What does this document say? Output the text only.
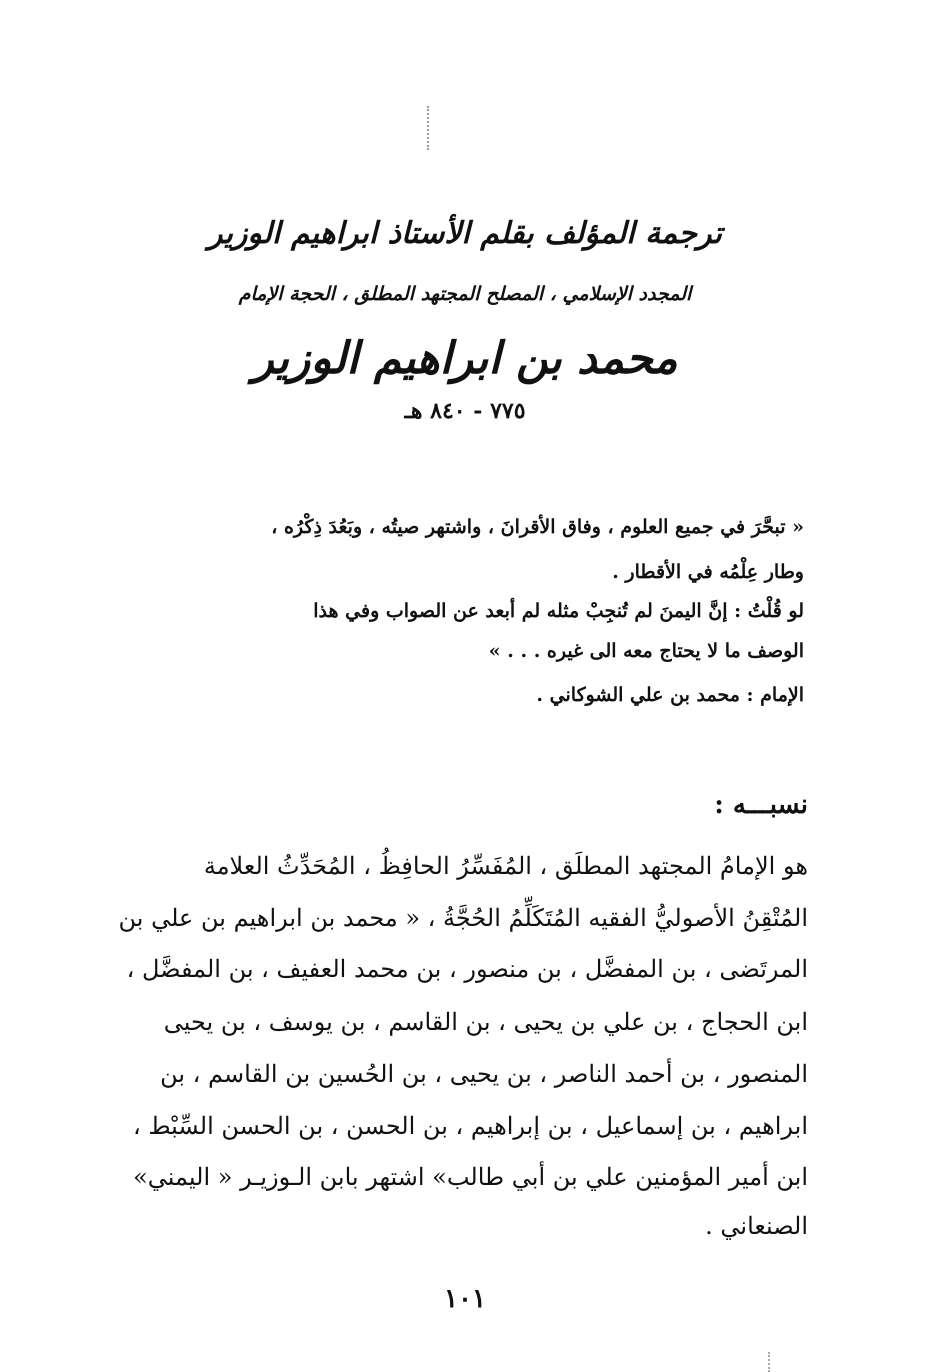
ترجمة المؤلف بقلم الأستاذ ابراهيم الوزير
المجدد الإسلامي ، المصلح المجتهد المطلق ، الحجة الإمام
محمد بن ابراهيم الوزير
٧٧٥ - ٨٤٠ هـ
« تبحَّرَ في جميع العلوم ، وفاق الأقرانَ ، واشتهر صيتُه ، وبَعُدَ ذِكْرُه ،
وطار عِلْمُه في الأقطار .
لو قُلْتُ : إنَّ اليمنَ لم تُنجِبْ مثله لم أبعد عن الصواب وفي هذا
الوصف ما لا يحتاج معه الى غيره . . . »
الإمام : محمد بن علي الشوكاني .
نسبـــه :
هو الإمامُ المجتهد المطلَق ، المُفَسِّرُ الحافِظُ ، المُحَدِّثُ العلامة
المُتْقِنُ الأصوليُّ الفقيه المُتَكَلِّمُ الحُجَّةُ ، « محمد بن ابراهيم بن علي بن
المرتَضى ، بن المفضَّل ، بن منصور ، بن محمد العفيف ، بن المفضَّل ،
ابن الحجاج ، بن علي بن يحيى ، بن القاسم ، بن يوسف ، بن يحيى
المنصور ، بن أحمد الناصر ، بن يحيى ، بن الحُسين بن القاسم ، بن
ابراهيم ، بن إسماعيل ، بن إبراهيم ، بن الحسن ، بن الحسن السِّبْط ،
ابن أمير المؤمنين علي بن أبي طالب» اشتهر بابن الـوزيـر « اليمني»
الصنعاني .
١٠١
